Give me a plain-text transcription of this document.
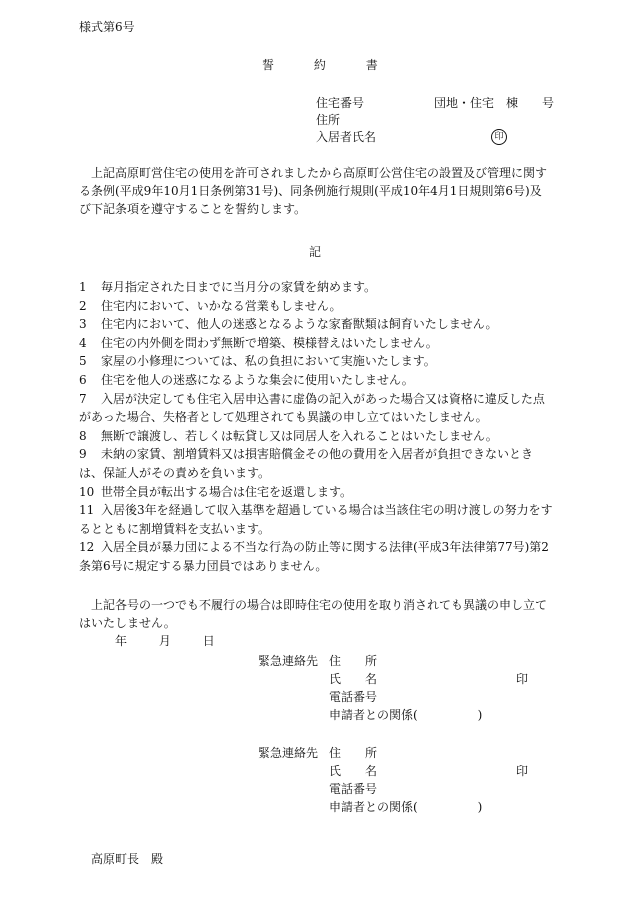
様式第6号
誓	約	書
住宅番号	団地・住宅　棟　　号
住所
入居者氏名	印
上記高原町営住宅の使用を許可されましたから高原町公営住宅の設置及び管理に関する条例(平成9年10月1日条例第31号)、同条例施行規則(平成10年4月1日規則第6号)及び下記条項を遵守することを誓約します。
記
1 毎月指定された日までに当月分の家賃を納めます。
2 住宅内において、いかなる営業もしません。
3 住宅内において、他人の迷惑となるような家畜獣類は飼育いたしません。
4 住宅の内外側を問わず無断で増築、模様替えはいたしません。
5 家屋の小修理については、私の負担において実施いたします。
6 住宅を他人の迷惑になるような集会に使用いたしません。
7 入居が決定しても住宅入居申込書に虚偽の記入があった場合又は資格に違反した点があった場合、失格者として処理されても異議の申し立てはいたしません。
8 無断で譲渡し、若しくは転貸し又は同居人を入れることはいたしません。
9 未納の家賃、割増賃料又は損害賠償金その他の費用を入居者が負担できないときは、保証人がその責めを負います。
10 世帯全員が転出する場合は住宅を返還します。
11 入居後3年を経過して収入基準を超過している場合は当該住宅の明け渡しの努力をするとともに割増賃料を支払います。
12 入居全員が暴力団による不当な行為の防止等に関する法律(平成3年法律第77号)第2条第6号に規定する暴力団員ではありません。
上記各号の一つでも不履行の場合は即時住宅の使用を取り消されても異議の申し立てはいたしません。
年	月	日
緊急連絡先 住　　所
氏　　名	印
電話番号
申請者との関係(　　　　　)
緊急連絡先 住　　所
氏　　名	印
電話番号
申請者との関係(　　　　　)
高原町長　殿
